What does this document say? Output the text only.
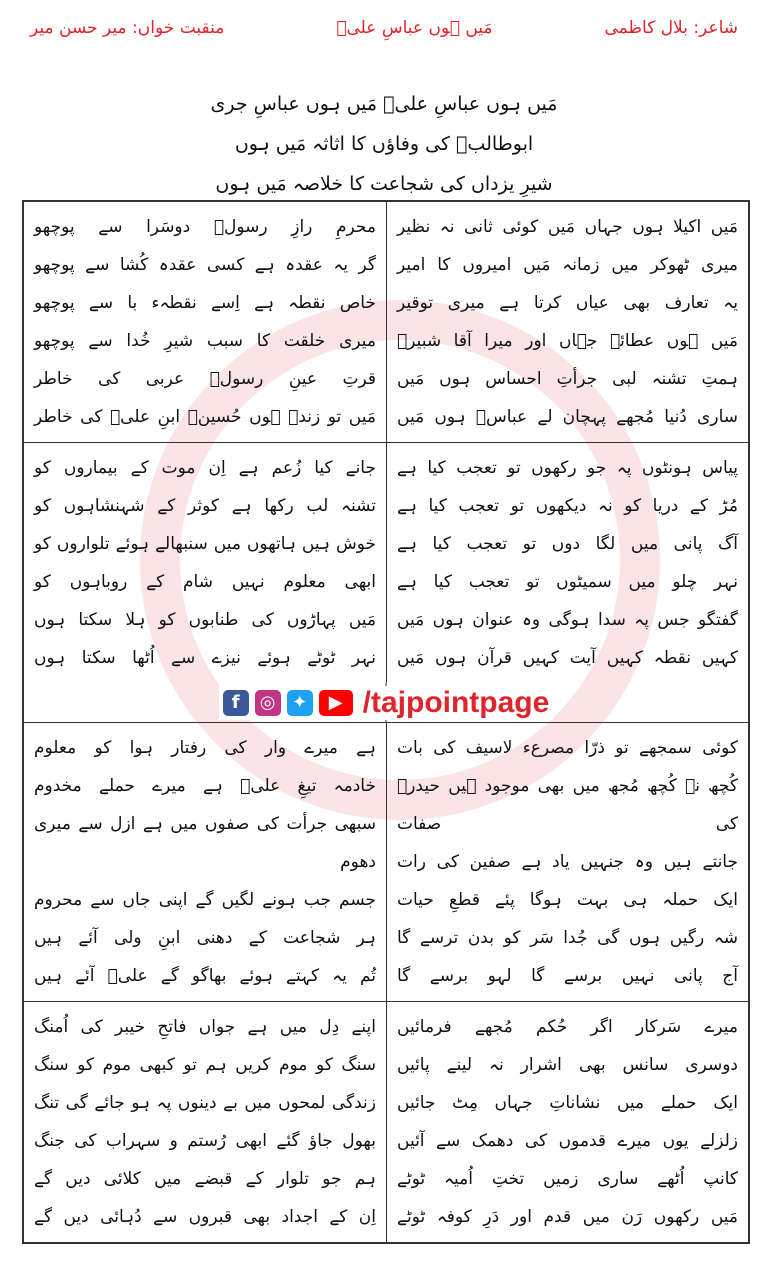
شاعر: بلال کاظمی
مَیں ہوں عباسِ علیؑ
منقبت خواں: میر حسن میر
مَیں ہوں عباسِ علیؑ مَیں ہوں عباسِ جری
ابوطالبؑ کی وفاؤں کا اثاثہ مَیں ہوں
شیرِ یزداں کی شجاعت کا خلاصہ مَیں ہوں
مَیں اکیلا ہوں جہاں مَیں کوئی ثانی نہ نظیر
میری ٹھوکر میں زمانہ مَیں امیروں کا امیر
یہ تعارف بھی عیاں کرتا ہے میری توقیر
مَیں ہوں عطائے جہاں اور میرا آقا شبیرؑ
ہمتِ تشنہ لبی جرأتِ احساس ہوں مَیں
ساری دُنیا مُجھے پہچان لے عباسؑ ہوں مَیں
محرمِ رازِ رسولؐ دوسَرا سے پوچھو
گر یہ عقدہ ہے کسی عقدہ کُشا سے پوچھو
خاص نقطہ ہے اِسے نقطہء با سے پوچھو
میری خلقت کا سبب شیرِ خُدا سے پوچھو
قرتِ عینِ رسولؐ عربی کی خاطر
مَیں تو زندہ ہوں حُسینؑ ابنِ علیؑ کی خاطر
پیاس ہونٹوں پہ جو رکھوں تو تعجب کیا ہے
مُڑ کے دریا کو نہ دیکھوں تو تعجب کیا ہے
آگ پانی میں لگا دوں تو تعجب کیا ہے
نہر چلو میں سمیٹوں تو تعجب کیا ہے
گفتگو جس پہ سدا ہوگی وہ عنوان ہوں مَیں
کہیں نقطہ کہیں آیت کہیں قرآن ہوں مَیں
جانے کیا زُعم ہے اِن موت کے بیماروں کو
تشنہ لب رکھا ہے کوثر کے شہنشاہوں کو
خوش ہیں ہاتھوں میں سنبھالے ہوئے تلواروں کو
ابھی معلوم نہیں شام کے روباہوں کو
مَیں پہاڑوں کی طنابوں کو ہلا سکتا ہوں
نہر ٹوٹے ہوئے نیزے سے اُٹھا سکتا ہوں
f	◎ ✦	▶ /tajpointpage
کوئی سمجھے تو ذرّا مصرعء لاسیف کی بات
کُچھ نہ کُچھ مُجھ میں بھی موجود ہیں حیدرؑ کی صفات
جانتے ہیں وہ جنہیں یاد ہے صفین کی رات
ایک حملہ ہی بہت ہوگا پئے قطعِ حیات
شہ رگیں ہوں گی جُدا سَر کو بدن ترسے گا
آج پانی نہیں برسے گا لہو برسے گا
ہے میرے وار کی رفتار ہوا کو معلوم
خادمہ تیغِ علیؑ ہے میرے حملے مخدوم
سبھی جرأت کی صفوں میں ہے ازل سے میری دھوم
جسم جب ہونے لگیں گے اپنی جاں سے محروم
ہر شجاعت کے دھنی ابنِ ولی آئے ہیں
تُم یہ کہتے ہوئے بھاگو گے علیؑ آئے ہیں
میرے سَرکار اگر حُکم مُجھے فرمائیں
دوسری سانس بھی اشرار نہ لینے پائیں
ایک حملے میں نشاناتِ جہاں مِٹ جائیں
زلزلے یوں میرے قدموں کی دھمک سے آئیں
کانپ اُٹھے ساری زمیں تختِ اُمیہ ٹوٹے
مَیں رکھوں رَن میں قدم اور دَرِ کوفہ ٹوٹے
اپنے دِل میں ہے جواں فاتحِ خیبر کی اُمنگ
سنگ کو موم کریں ہم تو کبھی موم کو سنگ
زندگی لمحوں میں بے دینوں پہ ہو جائے گی تنگ
بھول جاؤ گئے ابھی رُستم و سہراب کی جنگ
ہم جو تلوار کے قبضے میں کلائی دیں گے
اِن کے اجداد بھی قبروں سے دُہائی دیں گے
